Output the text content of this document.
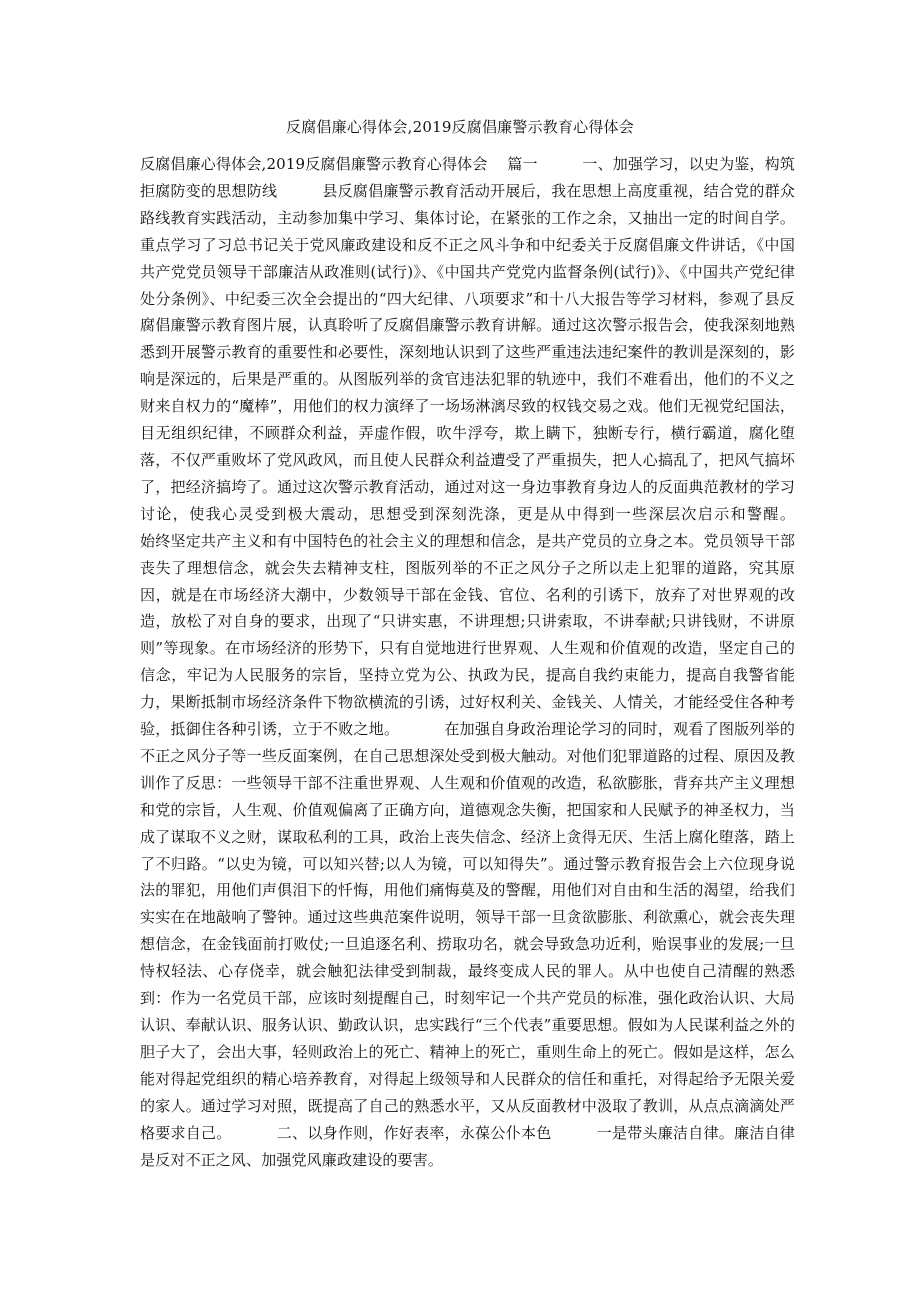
反腐倡廉心得体会,2019反腐倡廉警示教育心得体会
反腐倡廉心得体会,2019反腐倡廉警示教育心得体会    篇一         一、加强学习，以史为鉴，构筑拒腐防变的思想防线         县反腐倡廉警示教育活动开展后，我在思想上高度重视，结合党的群众路线教育实践活动，主动参加集中学习、集体讨论，在紧张的工作之余，又抽出一定的时间自学。重点学习了习总书记关于党风廉政建设和反不正之风斗争和中纪委关于反腐倡廉文件讲话，《中国共产党党员领导干部廉洁从政准则(试行)》、《中国共产党党内监督条例(试行)》、《中国共产党纪律处分条例》、中纪委三次全会提出的“四大纪律、八项要求”和十八大报告等学习材料，参观了县反腐倡廉警示教育图片展，认真聆听了反腐倡廉警示教育讲解。通过这次警示报告会，使我深刻地熟悉到开展警示教育的重要性和必要性，深刻地认识到了这些严重违法违纪案件的教训是深刻的，影响是深远的，后果是严重的。从图版列举的贪官违法犯罪的轨迹中，我们不难看出，他们的不义之财来自权力的“魔棒”，用他们的权力演绎了一场场淋漓尽致的权钱交易之戏。他们无视党纪国法，目无组织纪律，不顾群众利益，弄虚作假，吹牛浮夸，欺上瞒下，独断专行，横行霸道，腐化堕落，不仅严重败坏了党风政风，而且使人民群众利益遭受了严重损失，把人心搞乱了，把风气搞坏了，把经济搞垮了。通过这次警示教育活动，通过对这一身边事教育身边人的反面典范教材的学习讨论，使我心灵受到极大震动，思想受到深刻洗涤，更是从中得到一些深层次启示和警醒。          始终坚定共产主义和有中国特色的社会主义的理想和信念，是共产党员的立身之本。党员领导干部丧失了理想信念，就会失去精神支柱，图版列举的不正之风分子之所以走上犯罪的道路，究其原因，就是在市场经济大潮中，少数领导干部在金钱、官位、名利的引诱下，放弃了对世界观的改造，放松了对自身的要求，出现了“只讲实惠，不讲理想;只讲索取，不讲奉献;只讲钱财，不讲原则”等现象。在市场经济的形势下，只有自觉地进行世界观、人生观和价值观的改造，坚定自己的信念，牢记为人民服务的宗旨，坚持立党为公、执政为民，提高自我约束能力，提高自我警省能力，果断抵制市场经济条件下物欲横流的引诱，过好权利关、金钱关、人情关，才能经受住各种考验，抵御住各种引诱，立于不败之地。         在加强自身政治理论学习的同时，观看了图版列举的不正之风分子等一些反面案例，在自己思想深处受到极大触动。对他们犯罪道路的过程、原因及教训作了反思：一些领导干部不注重世界观、人生观和价值观的改造，私欲膨胀，背弃共产主义理想和党的宗旨，人生观、价值观偏离了正确方向，道德观念失衡，把国家和人民赋予的神圣权力，当成了谋取不义之财，谋取私利的工具，政治上丧失信念、经济上贪得无厌、生活上腐化堕落，踏上了不归路。“以史为镜，可以知兴替;以人为镜，可以知得失”。通过警示教育报告会上六位现身说法的罪犯，用他们声俱泪下的忏悔，用他们痛悔莫及的警醒，用他们对自由和生活的渴望，给我们实实在在地敲响了警钟。通过这些典范案件说明，领导干部一旦贪欲膨胀、利欲熏心，就会丧失理想信念，在金钱面前打败仗;一旦追逐名利、捞取功名，就会导致急功近利，贻误事业的发展;一旦恃权轻法、心存侥幸，就会触犯法律受到制裁，最终变成人民的罪人。从中也使自己清醒的熟悉到：作为一名党员干部，应该时刻提醒自己，时刻牢记一个共产党员的标准，强化政治认识、大局认识、奉献认识、服务认识、勤政认识，忠实践行“三个代表”重要思想。假如为人民谋利益之外的胆子大了，会出大事，轻则政治上的死亡、精神上的死亡，重则生命上的死亡。假如是这样，怎么能对得起党组织的精心培养教育，对得起上级领导和人民群众的信任和重托，对得起给予无限关爱的家人。通过学习对照，既提高了自己的熟悉水平，又从反面教材中汲取了教训，从点点滴滴处严格要求自己。         二、以身作则，作好表率，永葆公仆本色         一是带头廉洁自律。廉洁自律是反对不正之风、加强党风廉政建设的要害。
